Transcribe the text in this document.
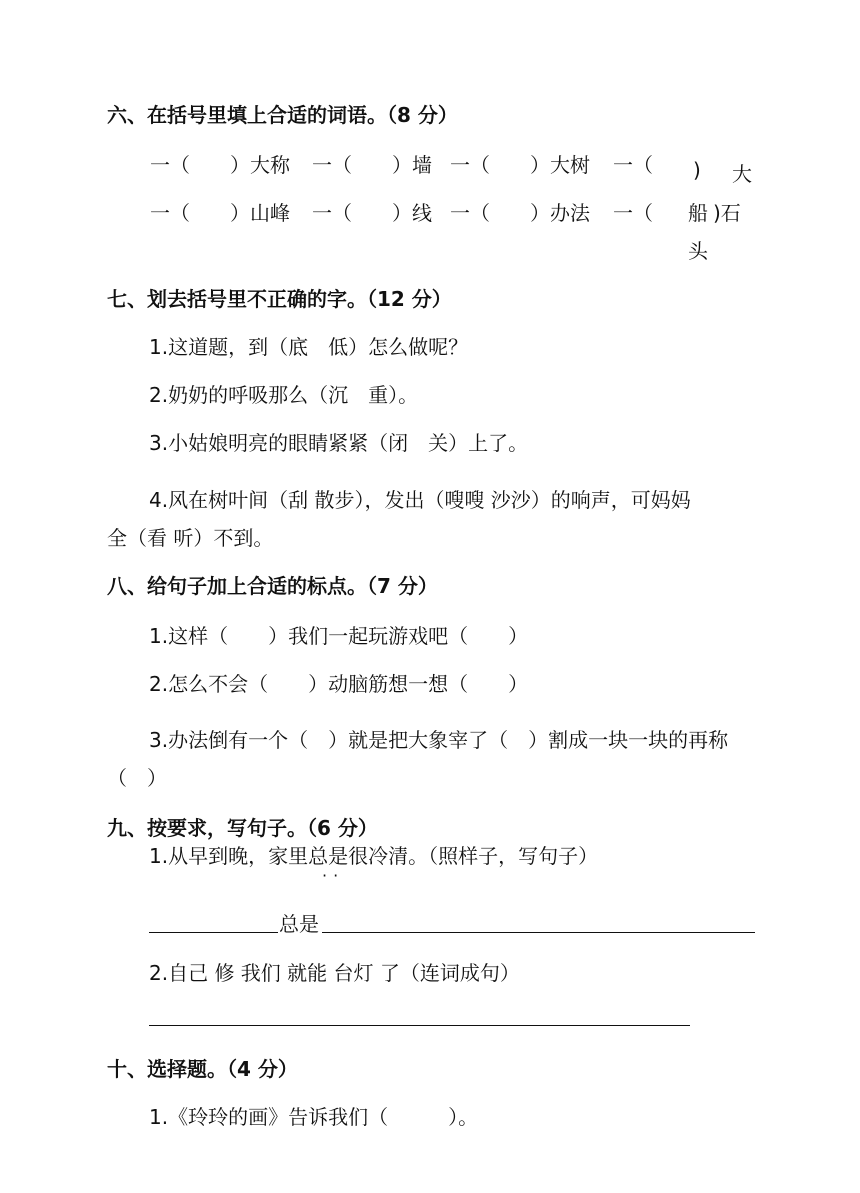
六、在括号里填上合适的词语。（8 分）
一（　　）大称 一（　　）墙 一（　　）大树 一（
一（　　）山峰 一（　　）线 一（　　）办法 一（
)
船
头
大
)石
七、划去括号里不正确的字。（12 分）
1.这道题，到（底　低）怎么做呢？
2.奶奶的呼吸那么（沉　重）。
3.小姑娘明亮的眼睛紧紧（闭　关）上了。
4.风在树叶间（刮 散步），发出（嗖嗖 沙沙）的响声，可妈妈
全（看 听）不到。
八、给句子加上合适的标点。（7 分）
1.这样（　　）我们一起玩游戏吧（　　）
2.怎么不会（　　）动脑筋想一想（　　）
3.办法倒有一个（　）就是把大象宰了（　）割成一块一块的再称
（　）
九、按要求，写句子。（6 分）
1.从早到晚，家里总是很冷清。（照样子，写句子）
··
总是
2.自己 修 我们 就能 台灯 了（连词成句）
十、选择题。（4 分）
1.《玲玲的画》告诉我们（　　　）。
